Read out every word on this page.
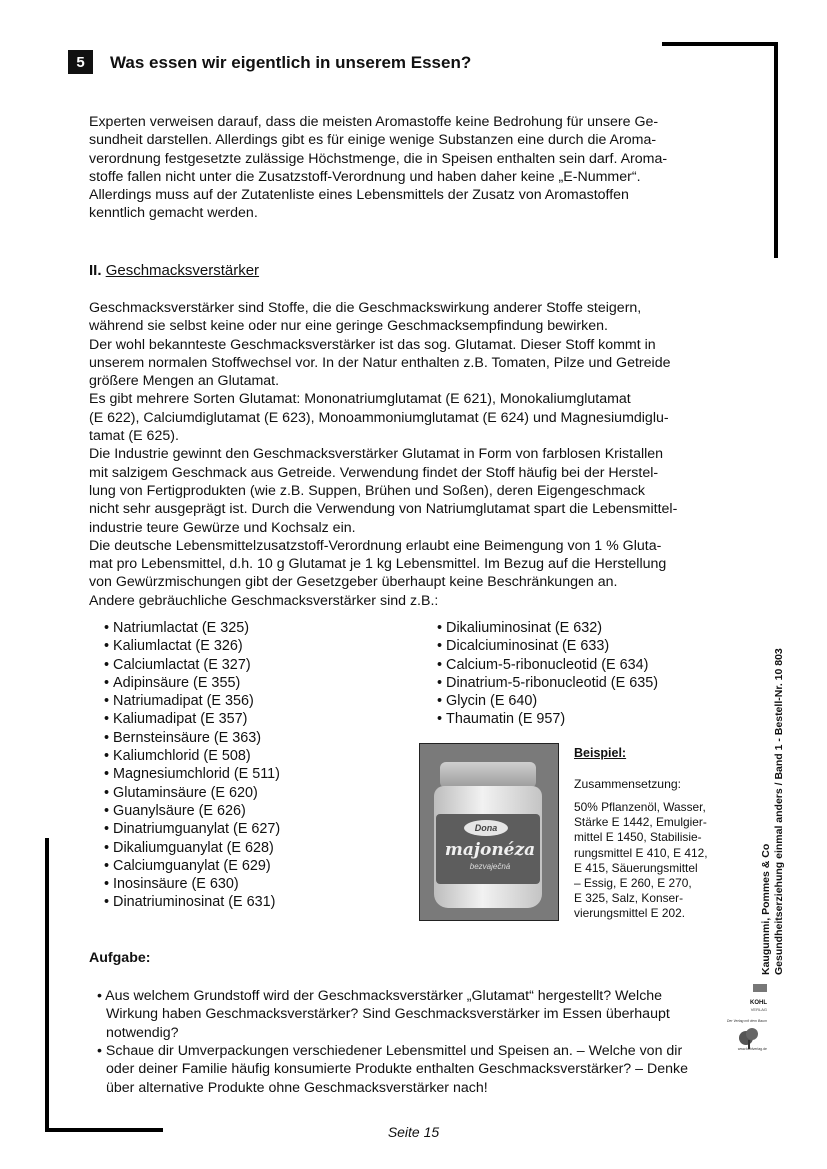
5	Was essen wir eigentlich in unserem Essen?

Experten verweisen darauf, dass die meisten Aromastoffe keine Bedrohung für unsere Ge-
sundheit darstellen. Allerdings gibt es für einige wenige Substanzen eine durch die Aroma-
verordnung festgesetzte zulässige Höchstmenge, die in Speisen enthalten sein darf. Aroma-
stoffe fallen nicht unter die Zusatzstoff-Verordnung und haben daher keine „E-Nummer“.
Allerdings muss auf der Zutatenliste eines Lebensmittels der Zusatz von Aromastoffen
kenntlich gemacht werden.

II. Geschmacksverstärker

Geschmacksverstärker sind Stoffe, die die Geschmackswirkung anderer Stoffe steigern,
während sie selbst keine oder nur eine geringe Geschmacksempfindung bewirken.
Der wohl bekannteste Geschmacksverstärker ist das sog. Glutamat. Dieser Stoff kommt in
unserem normalen Stoffwechsel vor. In der Natur enthalten z.B. Tomaten, Pilze und Getreide
größere Mengen an Glutamat.
Es gibt mehrere Sorten Glutamat: Mononatriumglutamat (E 621), Monokaliumglutamat
(E 622), Calciumdiglutamat (E 623), Monoammoniumglutamat (E 624) und Magnesiumdiglu-
tamat (E 625).
Die Industrie gewinnt den Geschmacksverstärker Glutamat in Form von farblosen Kristallen
mit salzigem Geschmack aus Getreide. Verwendung findet der Stoff häufig bei der Herstel-
lung von Fertigprodukten (wie z.B. Suppen, Brühen und Soßen), deren Eigengeschmack
nicht sehr ausgeprägt ist. Durch die Verwendung von Natriumglutamat spart die Lebensmittel-
industrie teure Gewürze und Kochsalz ein.
Die deutsche Lebensmittelzusatzstoff-Verordnung erlaubt eine Beimengung von 1 % Gluta-
mat pro Lebensmittel, d.h. 10 g Glutamat je 1 kg Lebensmittel. Im Bezug auf die Herstellung
von Gewürzmischungen gibt der Gesetzgeber überhaupt keine Beschränkungen an.
Andere gebräuchliche Geschmacksverstärker sind z.B.:

• Natriumlactat (E 325)
• Kaliumlactat (E 326)
• Calciumlactat (E 327)
• Adipinsäure (E 355)
• Natriumadipat (E 356)
• Kaliumadipat (E 357)
• Bernsteinsäure (E 363)
• Kaliumchlorid (E 508)
• Magnesiumchlorid (E 511)
• Glutaminsäure (E 620)
• Guanylsäure (E 626)
• Dinatriumguanylat (E 627)
• Dikaliumguanylat (E 628)
• Calciumguanylat (E 629)
• Inosinsäure (E 630)
• Dinatriuminosinat (E 631)
• Dikaliuminosinat (E 632)
• Dicalciuminosinat (E 633)
• Calcium-5-ribonucleotid (E 634)
• Dinatrium-5-ribonucleotid (E 635)
• Glycin (E 640)
• Thaumatin (E 957)
Dona
majonéza
bezvaječná
Beispiel:
Zusammensetzung:

50% Pflanzenöl, Wasser,
Stärke E 1442, Emulgier-
mittel E 1450, Stabilisie-
rungsmittel E 410, E 412,
E 415, Säuerungsmittel
– Essig, E 260, E 270,
E 325, Salz, Konser-
vierungsmittel E 202.

Aufgabe:

• Aus welchem Grundstoff wird der Geschmacksverstärker „Glutamat“ hergestellt? Welche
Wirkung haben Geschmacksverstärker? Sind Geschmacksverstärker im Essen überhaupt
notwendig?

• Schaue dir Umverpackungen verschiedener Lebensmittel und Speisen an. – Welche von dir
oder deiner Familie häufig konsumierte Produkte enthalten Geschmacksverstärker? – Denke
über alternative Produkte ohne Geschmacksverstärker nach!

Seite 15
Kaugummi, Pommes & Co Gesundheitserziehung einmal anders / Band 1 - Bestell-Nr. 10 803
KOHL
VERLAG
Der Verlag mit dem Baum
www.kohlverlag.de
